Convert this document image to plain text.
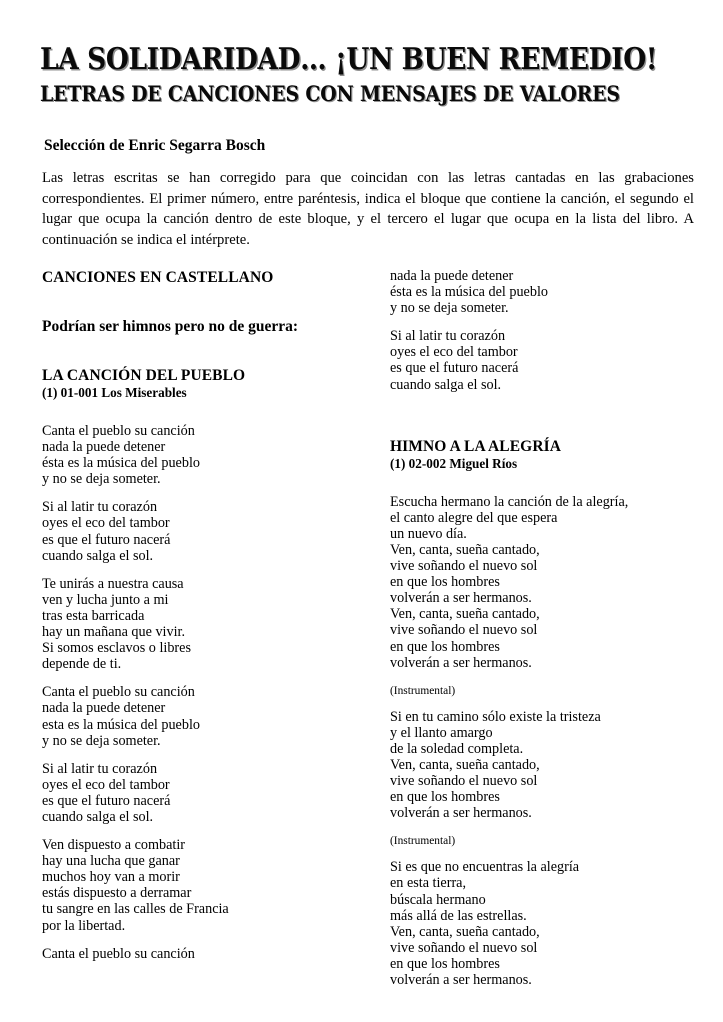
LA SOLIDARIDAD… ¡UN BUEN REMEDIO!
LETRAS DE CANCIONES CON MENSAJES DE VALORES
Selección de Enric Segarra Bosch
Las letras escritas se han corregido para que coincidan con las letras cantadas en las grabaciones correspondientes. El primer número, entre paréntesis, indica el bloque que contiene la canción, el segundo el lugar que ocupa la canción dentro de este bloque, y el tercero el lugar que ocupa en la lista del libro. A continuación se indica el intérprete.
CANCIONES EN CASTELLANO
Podrían ser himnos pero no de guerra:
LA CANCIÓN DEL PUEBLO
(1) 01-001 Los Miserables
Canta el pueblo su canción
nada la puede detener
ésta es la música del pueblo
y no se deja someter.
Si al latir tu corazón
oyes el eco del tambor
es que el futuro nacerá
cuando salga el sol.
Te unirás a nuestra causa
ven y lucha junto a mi
tras esta barricada
hay un mañana que vivir.
Si somos esclavos o libres
depende de ti.
Canta el pueblo su canción
nada la puede detener
esta es la música del pueblo
y no se deja someter.
Si al latir tu corazón
oyes el eco del tambor
es que el futuro nacerá
cuando salga el sol.
Ven dispuesto a combatir
hay una lucha que ganar
muchos hoy van a morir
estás dispuesto a derramar
tu sangre en las calles de Francia
por la libertad.
Canta el pueblo su canción
nada la puede detener
ésta es la música del pueblo
y no se deja someter.
Si al latir tu corazón
oyes el eco del tambor
es que el futuro nacerá
cuando salga el sol.
HIMNO A LA ALEGRÍA
(1) 02-002 Miguel Ríos
Escucha hermano la canción de la alegría,
el canto alegre del que espera
un nuevo día.
Ven, canta, sueña cantado,
vive soñando el nuevo sol
en que los hombres
volverán a ser hermanos.
Ven, canta, sueña cantado,
vive soñando el nuevo sol
en que los hombres
volverán a ser hermanos.
(Instrumental)
Si en tu camino sólo existe la tristeza
y el llanto amargo
de la soledad completa.
Ven, canta, sueña cantado,
vive soñando el nuevo sol
en que los hombres
volverán a ser hermanos.
(Instrumental)
Si es que no encuentras la alegría
en esta tierra,
búscala hermano
más allá de las estrellas.
Ven, canta, sueña cantado,
vive soñando el nuevo sol
en que los hombres
volverán a ser hermanos.
